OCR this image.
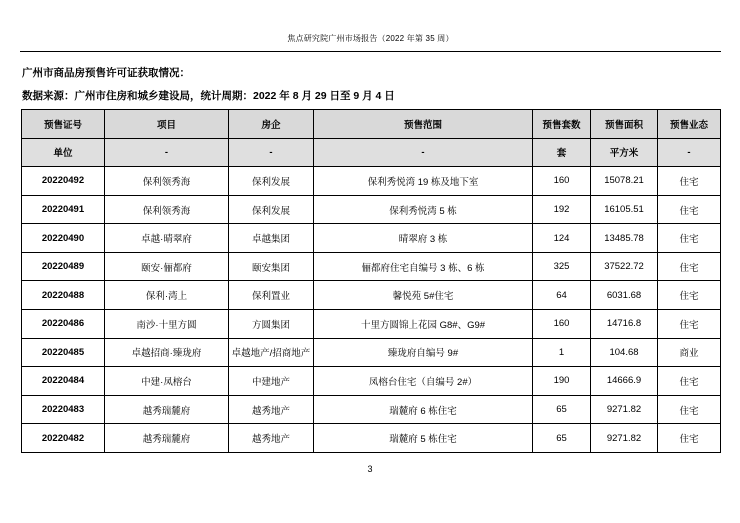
焦点研究院广州市场报告（2022 年第 35 周）
广州市商品房预售许可证获取情况：
数据来源：广州市住房和城乡建设局，统计周期：2022 年 8 月 29 日至 9 月 4 日
预售证号	项目	房企	预售范围	预售套数	预售面积	预售业态
单位	-	-	-	套	平方米	-
20220492	保利领秀海	保利发展	保利秀悦湾 19 栋及地下室	160	15078.21	住宅
20220491	保利领秀海	保利发展	保利秀悦湾 5 栋	192	16105.51	住宅
20220490	卓越·晴翠府	卓越集团	晴翠府 3 栋	124	13485.78	住宅
20220489	颐安·俪都府	颐安集团	俪都府住宅自编号 3 栋、6 栋	325	37522.72	住宅
20220488	保利·湾上	保利置业	馨悦苑 5#住宅	64	6031.68	住宅
20220486	南沙·十里方圆	方圆集团	十里方圆锦上花园 G8#、G9#	160	14716.8	住宅
20220485	卓越招商·臻珑府	卓越地产/招商地产	臻珑府自编号 9#	1	104.68	商业
20220484	中建·凤榕台	中建地产	凤榕台住宅（自编号 2#）	190	14666.9	住宅
20220483	越秀瑞麓府	越秀地产	瑞麓府 6 栋住宅	65	9271.82	住宅
20220482	越秀瑞麓府	越秀地产	瑞麓府 5 栋住宅	65	9271.82	住宅
3
